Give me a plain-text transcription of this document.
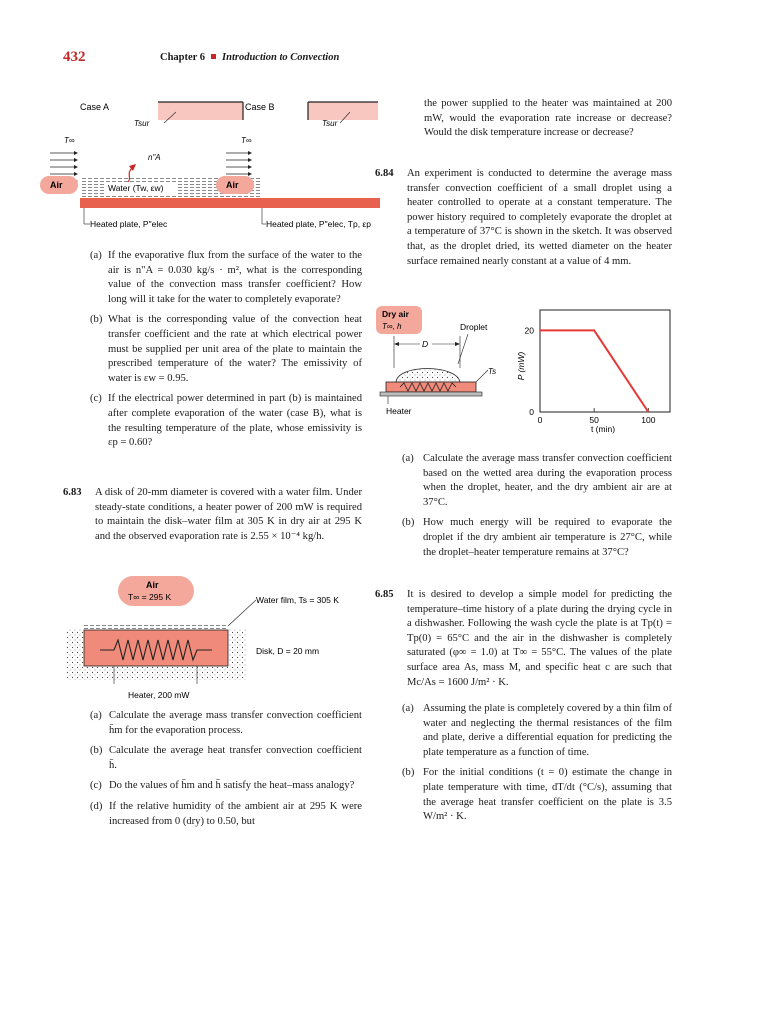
432	Chapter 6 Introduction to Convection
Case A
Tsur
T∞
Air
n"A
Water (Tw, εw)
Heated plate, P"elec
Case B
Tsur
T∞
Air
Heated plate, P"elec, Tp, εp
(a) If the evaporative flux from the surface of the water to the air is n"A = 0.030 kg/s · m², what is the corresponding value of the convection mass transfer coefficient? How long will it take for the water to completely evaporate?

(b) What is the corresponding value of the convection heat transfer coefficient and the rate at which electrical power must be supplied per unit area of the plate to maintain the prescribed temperature of the water? The emissivity of water is εw = 0.95.

(c) If the electrical power determined in part (b) is maintained after complete evaporation of the water (case B), what is the resulting temperature of the plate, whose emissivity is εp = 0.60?

6.83 A disk of 20-mm diameter is covered with a water film. Under steady-state conditions, a heater power of 200 mW is required to maintain the disk–water film at 305 K in dry air at 295 K and the observed evaporation rate is 2.55 × 10⁻⁴ kg/h.

Air
T∞ = 295 K	Water film, Ts = 305 K
Disk, D = 20 mm
Heater, 200 mW
(a) Calculate the average mass transfer convection coefficient h̄m for the evaporation process.

(b) Calculate the average heat transfer convection coefficient h̄.

(c) Do the values of h̄m and h̄ satisfy the heat–mass analogy?

(d) If the relative humidity of the ambient air at 295 K were increased from 0 (dry) to 0.50, but

the power supplied to the heater was maintained at 200 mW, would the evaporation rate increase or decrease? Would the disk temperature increase or decrease?

6.84 An experiment is conducted to determine the average mass transfer convection coefficient of a small droplet using a heater controlled to operate at a constant temperature. The power history required to completely evaporate the droplet at a temperature of 37°C is shown in the sketch. It was observed that, as the droplet dried, its wetted diameter on the heater surface remained nearly constant at a value of 4 mm.

Dry air
T∞, h	Droplet
D
Ts
Heater
0	50	100
0
20
P (mW)
t (min)
(a) Calculate the average mass transfer convection coefficient based on the wetted area during the evaporation process when the droplet, heater, and the dry ambient air are at 37°C.

(b) How much energy will be required to evaporate the droplet if the dry ambient air temperature is 27°C, while the droplet–heater temperature remains at 37°C?

6.85 It is desired to develop a simple model for predicting the temperature–time history of a plate during the drying cycle in a dishwasher. Following the wash cycle the plate is at Tp(t) = Tp(0) = 65°C and the air in the dishwasher is completely saturated (φ∞ = 1.0) at T∞ = 55°C. The values of the plate surface area As, mass M, and specific heat c are such that Mc/As = 1600 J/m² · K.

(a) Assuming the plate is completely covered by a thin film of water and neglecting the thermal resistances of the film and plate, derive a differential equation for predicting the plate temperature as a function of time.

(b) For the initial conditions (t = 0) estimate the change in plate temperature with time, dT/dt (°C/s), assuming that the average heat transfer coefficient on the plate is 3.5 W/m² · K.
